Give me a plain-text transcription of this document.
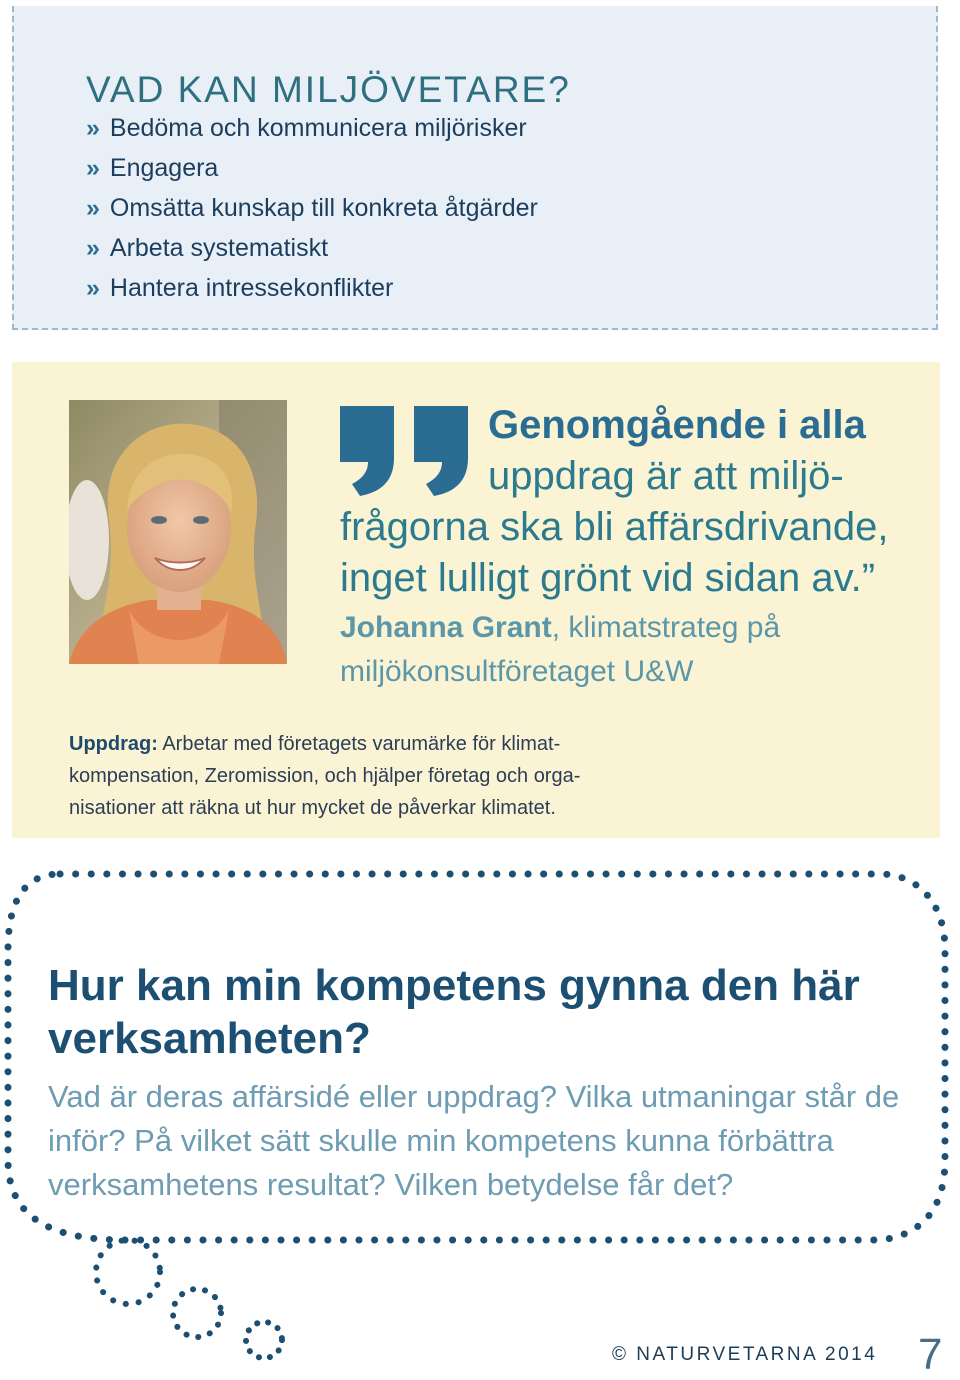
VAD KAN MILJÖVETARE?
» Bedöma och kommunicera miljörisker
» Engagera
» Omsätta kunskap till konkreta åtgärder
» Arbeta systematiskt
» Hantera intressekonflikter
Genomgående i alla
uppdrag är att miljö-
frågorna ska bli affärsdrivande,
inget lulligt grönt vid sidan av.”
Johanna Grant, klimatstrateg på miljökonsultföretaget U&W

Uppdrag: Arbetar med företagets varumärke för klimatkompensation, Zeromission, och hjälper företag och organisationer att räkna ut hur mycket de påverkar klimatet.

Hur kan min kompetens gynna den här verksamheten?

Vad är deras affärsidé eller uppdrag? Vilka utmaningar står de inför? På vilket sätt skulle min kompetens kunna förbättra verksamhetens resultat? Vilken betydelse får det?

© NATURVETARNA 2014 7
